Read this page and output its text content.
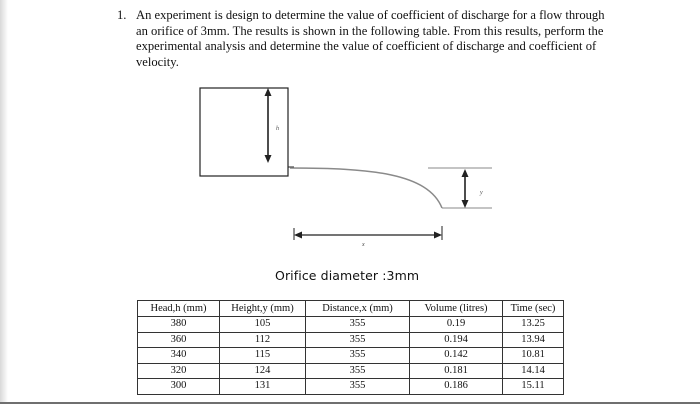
1. An experiment is design to determine the value of coefficient of discharge for a flow through an orifice of 3mm. The results is shown in the following table. From this results, perform the experimental analysis and determine the value of coefficient of discharge and coefficient of velocity.
h
y
x
Orifice diameter :3mm
Head,h (mm)	Height,y (mm)	Distance,x (mm)	Volume (litres)	Time (sec)
380	105	355	0.19	13.25
360	112	355	0.194	13.94
340	115	355	0.142	10.81
320	124	355	0.181	14.14
300	131	355	0.186	15.11
